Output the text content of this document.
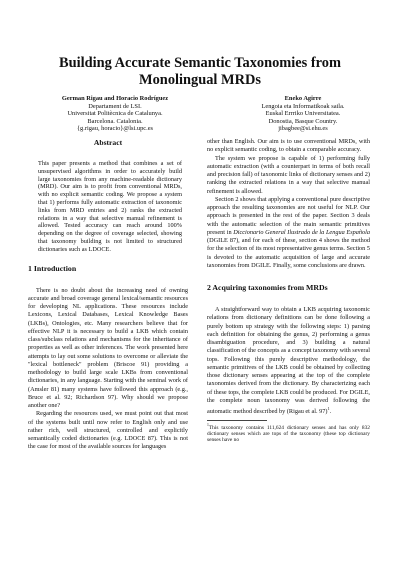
Building Accurate Semantic Taxonomies from Monolingual MRDs
German Rigau and Horacio Rodríguez
Departament de LSI.
Universitat Politècnica de Catalunya.
Barcelona. Catalonia.
{g.rigau, horacio}@lsi.upc.es
Eneko Agirre
Lengoia eta Informatikoak saila.
Euskal Errriko Universitatea.
Donostia, Basque Country.
jibagbee@si.ehu.es
Abstract

This paper presents a method that combines a set of unsupervised algorithms in order to accurately build large taxonomies from any machine-readable dictionary (MRD). Our aim is to profit from conventional MRDs, with no explicit semantic coding. We propose a system that 1) performs fully automatic extraction of taxonomic links from MRD entries and 2) ranks the extracted relations in a way that selective manual refinement is allowed. Tested accuracy can reach around 100% depending on the degree of coverage selected, showing that taxonomy building is not limited to structured dictionaries such as LDOCE.

1 Introduction

There is no doubt about the increasing need of owning accurate and broad coverage general lexical/semantic resources for developing NL applications. These resources include Lexicons, Lexical Databases, Lexical Knowledge Bases (LKBs), Ontologies, etc. Many researchers believe that for effective NLP it is necessary to build a LKB which contain class/subclass relations and mechanisms for the inheritance of properties as well as other inferences. The work presented here attempts to lay out some solutions to overcome or alleviate the "lexical bottleneck" problem (Briscoe 91) providing a methodology to build large scale LKBs from conventional dictionaries, in any language. Starting with the seminal work of (Amsler 81) many systems have followed this approach (e.g., Bruce et al. 92; Richardson 97). Why should we propose another one?

Regarding the resources used, we must point out that most of the systems built until now refer to English only and use rather rich, well structured, controlled and explicitly semantically coded dictionaries (e.g. LDOCE 87). This is not the case for most of the available sources for languages

other than English. Our aim is to use conventional MRDs, with no explicit semantic coding, to obtain a comparable accuracy.

The system we propose is capable of 1) performing fully automatic extraction (with a counterpart in terms of both recall and precision fall) of taxonomic links of dictionary senses and 2) ranking the extracted relations in a way that selective manual refinement is allowed.

Section 2 shows that applying a conventional pure descriptive approach the resulting taxonomies are not useful for NLP. Our approach is presented in the rest of the paper. Section 3 deals with the automatic selection of the main semantic primitives present in Diccionario General Ilustrado de la Lengua Española (DGILE 87), and for each of these, section 4 shows the method for the selection of its most representative genus terms. Section 5 is devoted to the automatic acquisition of large and accurate taxonomies from DGILE. Finally, some conclusions are drawn.

2 Acquiring taxonomies from MRDs

A straightforward way to obtain a LKB acquiring taxonomic relations from dictionary definitions can be done following a purely bottom up strategy with the following steps: 1) parsing each definition for obtaining the genus, 2) performing a genus disambiguation procedure, and 3) building a natural classification of the concepts as a concept taxonomy with several tops. Following this purely descriptive methodology, the semantic primitives of the LKB could be obtained by collecting those dictionary senses appearing at the top of the complete taxonomies derived from the dictionary. By characterizing each of these tops, the complete LKB could be produced. For DGILE, the complete noun taxonomy was derived following the automatic method described by (Rigau et al. 97)$^1$.

$^1$This taxonomy contains 111,624 dictionary senses and has only 832 dictionary senses which are tops of the taxonomy (these top dictionary senses have no
